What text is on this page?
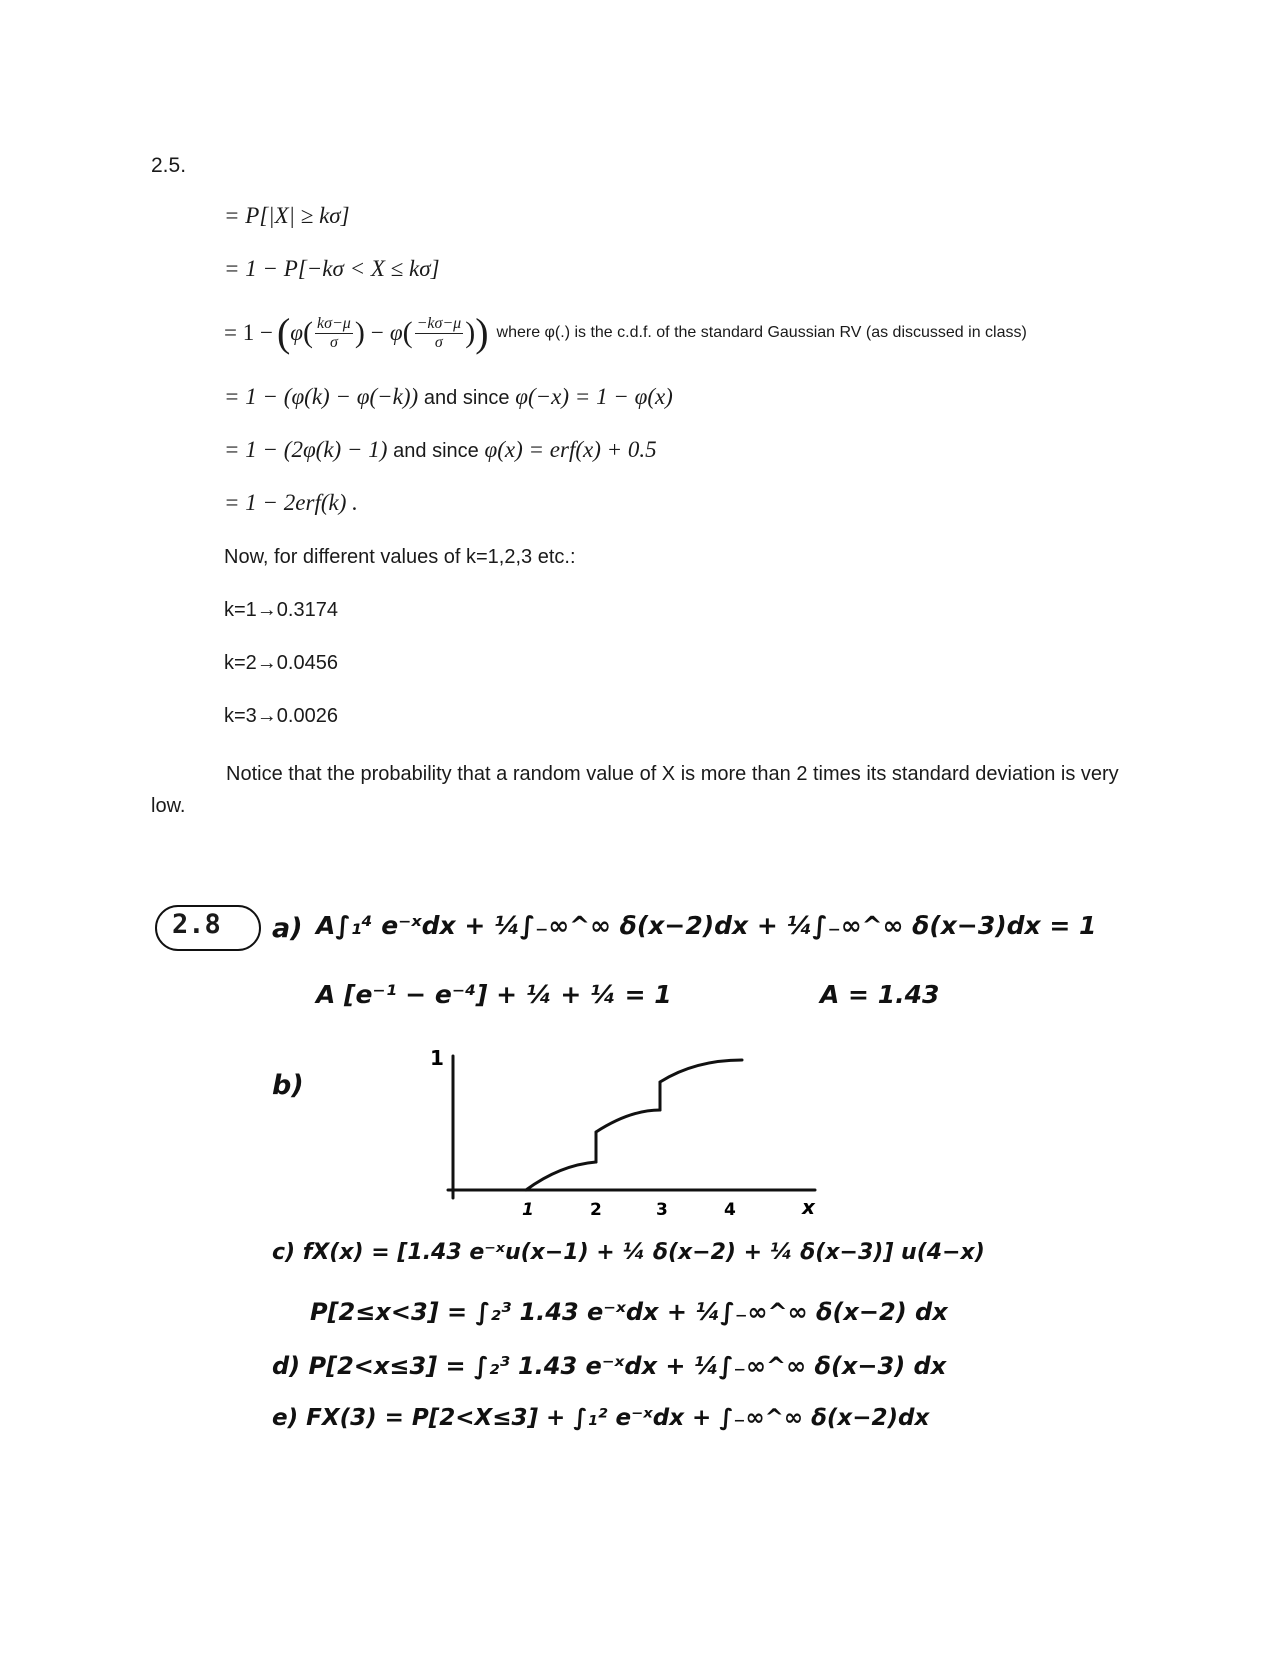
2.5.
= P[|X| ≥ kσ]
= 1 − P[−kσ < X ≤ kσ]
= 1 − ( φ ( $\frac{k\sigma-\mu}{\sigma}$ ) − φ ( $\frac{-k\sigma-\mu}{\sigma}$ ) ) where φ(.) is the c.d.f. of the standard Gaussian RV (as discussed in class)
= 1 − (φ(k) − φ(−k)) and since φ(−x) = 1 − φ(x)
= 1 − (2φ(k) − 1) and since φ(x) = erf(x) + 0.5
= 1 − 2erf(k) .
Now, for different values of k=1,2,3 etc.:
k=1→0.3174
k=2→0.0456
k=3→0.0026
Notice that the probability that a random value of X is more than 2 times its standard deviation is very low.
2.8 a) A∫₁⁴ e⁻ˣdx + ¼∫₋∞^∞ δ(x−2)dx + ¼∫₋∞^∞ δ(x−3)dx = 1
A [e⁻¹ − e⁻⁴] + ¼ + ¼ = 1	A = 1.43
b)
1
1	2	3	4	x
c) fX(x) = [1.43 e⁻ˣu(x−1) + ¼ δ(x−2) + ¼ δ(x−3)] u(4−x)
P[2≤x<3] = ∫₂³ 1.43 e⁻ˣdx + ¼∫₋∞^∞ δ(x−2) dx
d) P[2<x≤3] = ∫₂³ 1.43 e⁻ˣdx + ¼∫₋∞^∞ δ(x−3) dx
e) FX(3) = P[2<X≤3] + ∫₁² e⁻ˣdx + ∫₋∞^∞ δ(x−2)dx
